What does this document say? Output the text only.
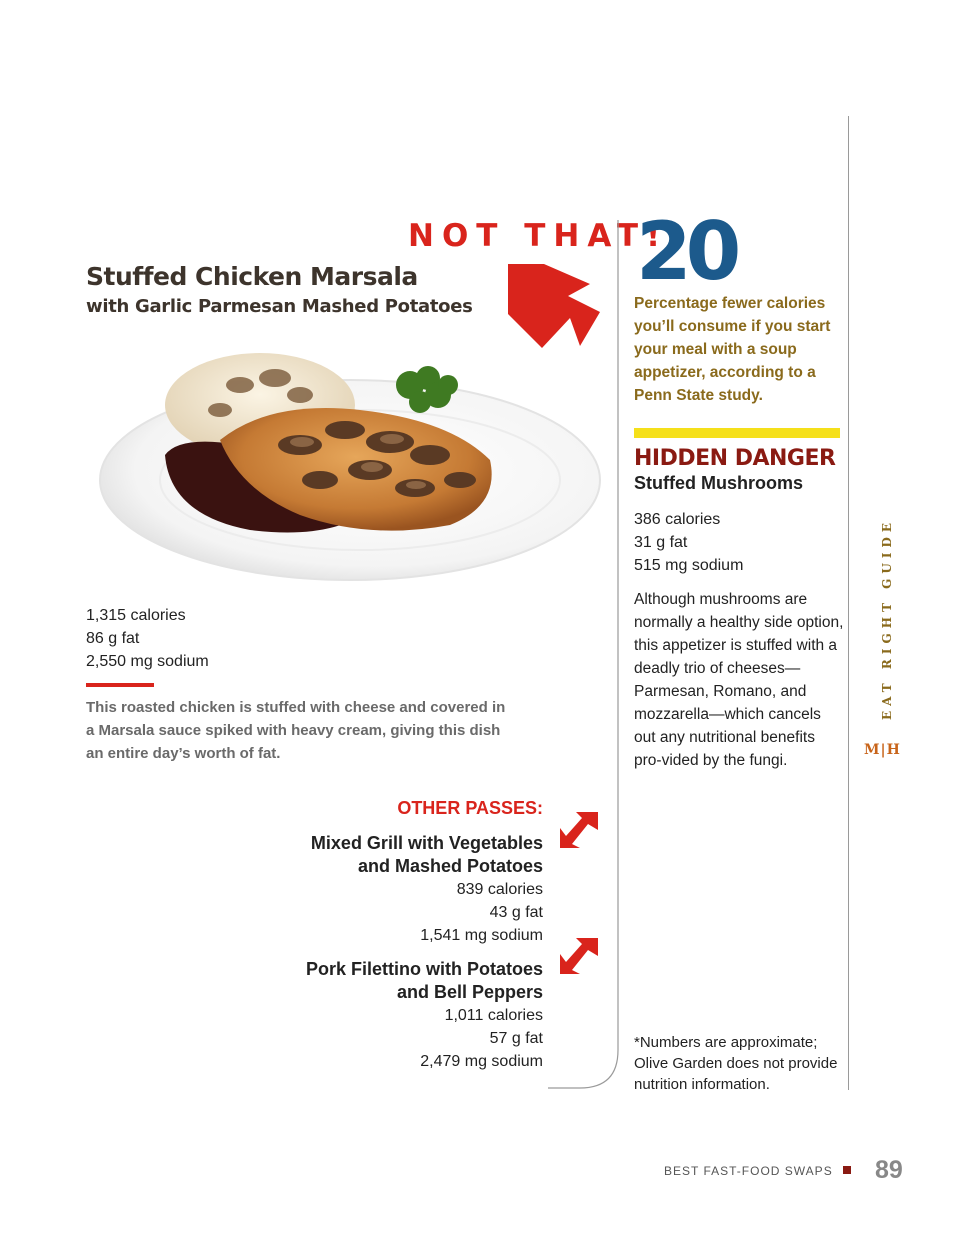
NOT THAT!
Stuffed Chicken Marsala
with Garlic Parmesan Mashed Potatoes
1,315 calories
86 g fat
2,550 mg sodium
This roasted chicken is stuffed with cheese and covered in a Marsala sauce spiked with heavy cream, giving this dish an entire day’s worth of fat.
OTHER PASSES:
Mixed Grill with Vegetables
and Mashed Potatoes
839 calories
43 g fat
1,541 mg sodium
Pork Filettino with Potatoes
and Bell Peppers
1,011 calories
57 g fat
2,479 mg sodium
20
Percentage fewer calories you’ll consume if you start your meal with a soup appetizer, according to a Penn State study.
HIDDEN DANGER
Stuffed Mushrooms
386 calories
31 g fat
515 mg sodium
Although mushrooms are normally a healthy side option, this appetizer is stuffed with a deadly trio of cheeses—Parmesan, Romano, and mozzarella—which cancels out any nutritional benefits pro-vided by the fungi.
*Numbers are approximate; Olive Garden does not provide nutrition information.
EAT RIGHT GUIDE
M|H
BEST FAST-FOOD SWAPS 89
